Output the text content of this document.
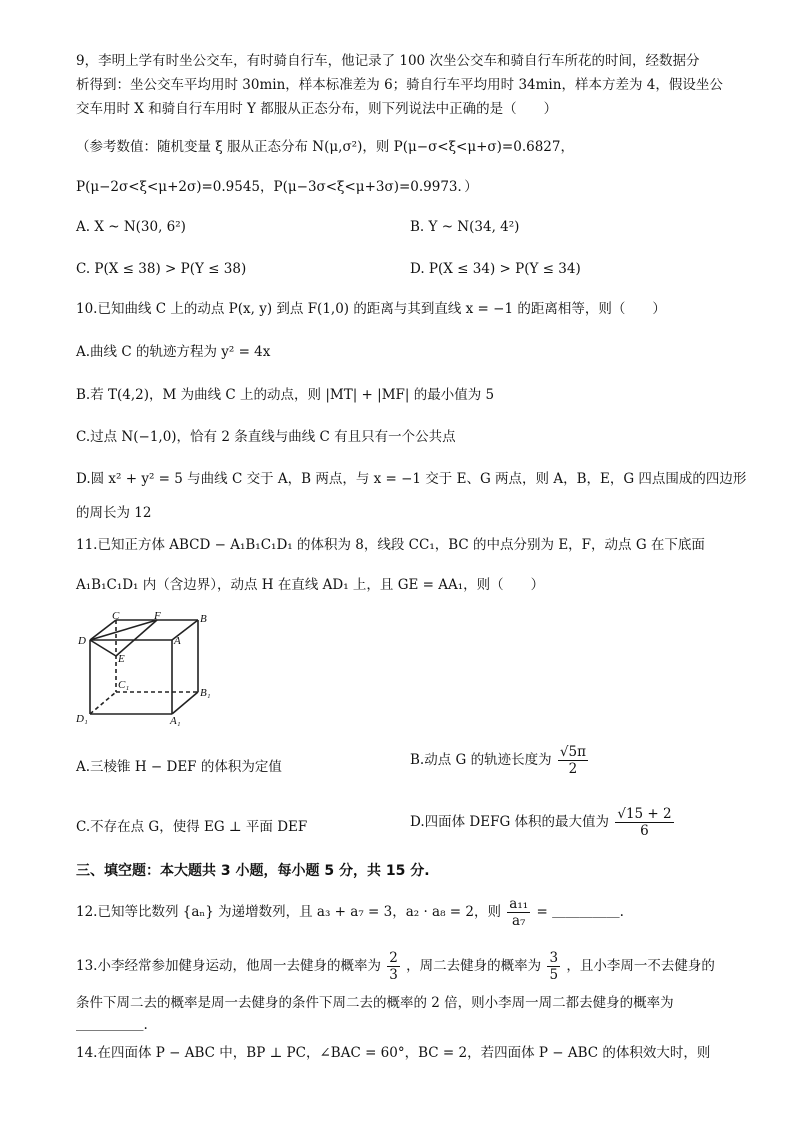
9，李明上学有时坐公交车，有时骑自行车，他记录了 100 次坐公交车和骑自行车所花的时间，经数据分
析得到：坐公交车平均用时 30min，样本标准差为 6；骑自行车平均用时 34min，样本方差为 4，假设坐公
交车用时 X 和骑自行车用时 Y 都服从正态分布，则下列说法中正确的是（　　）
（参考数值：随机变量 ξ 服从正态分布 N(μ,σ²)，则 P(μ−σ<ξ<μ+σ)=0.6827，
P(μ−2σ<ξ<μ+2σ)=0.9545，P(μ−3σ<ξ<μ+3σ)=0.9973．）
A. X ~ N(30, 6²)	B. Y ~ N(34, 4²)
C. P(X ≤ 38) > P(Y ≤ 38)	D. P(X ≤ 34) > P(Y ≤ 34)
10.已知曲线 C 上的动点 P(x, y) 到点 F(1,0) 的距离与其到直线 x = −1 的距离相等，则（　　）
A.曲线 C 的轨迹方程为 y² = 4x
B.若 T(4,2)，M 为曲线 C 上的动点，则 |MT| + |MF| 的最小值为 5
C.过点 N(−1,0)，恰有 2 条直线与曲线 C 有且只有一个公共点
D.圆 x² + y² = 5 与曲线 C 交于 A，B 两点，与 x = −1 交于 E、G 两点，则 A，B，E，G 四点围成的四边形
的周长为 12
11.已知正方体 ABCD − A₁B₁C₁D₁ 的体积为 8，线段 CC₁，BC 的中点分别为 E，F，动点 G 在下底面
A₁B₁C₁D₁ 内（含边界），动点 H 在直线 AD₁ 上，且 GE = AA₁，则（　　）
C	F	B
D	A
E
C₁
B₁
D₁	A₁
A.三棱锥 H − DEF 的体积为定值	B.动点 G 的轨迹长度为 $\frac{√5\pi}{2}$
C.不存在点 G，使得 EG ⊥ 平面 DEF	D.四面体 DEFG 体积的最大值为 $\frac{√15 + 2}{6}$
三、填空题：本大题共 3 小题，每小题 5 分，共 15 分.
12.已知等比数列 {aₙ} 为递增数列，且 a₃ + a₇ = 3，a₂ · a₈ = 2，则 $\frac{\text{a₁₁}}{\text{a₇}}$ = ＿＿＿＿＿.
13.小李经常参加健身运动，他周一去健身的概率为 $\frac{2}{3}$ ，周二去健身的概率为 $\frac{3}{5}$ ，且小李周一不去健身的
条件下周二去的概率是周一去健身的条件下周二去的概率的 2 倍，则小李周一周二都去健身的概率为
＿＿＿＿＿.
14.在四面体 P − ABC 中，BP ⊥ PC，∠BAC = 60°，BC = 2，若四面体 P − ABC 的体积效大时，则
